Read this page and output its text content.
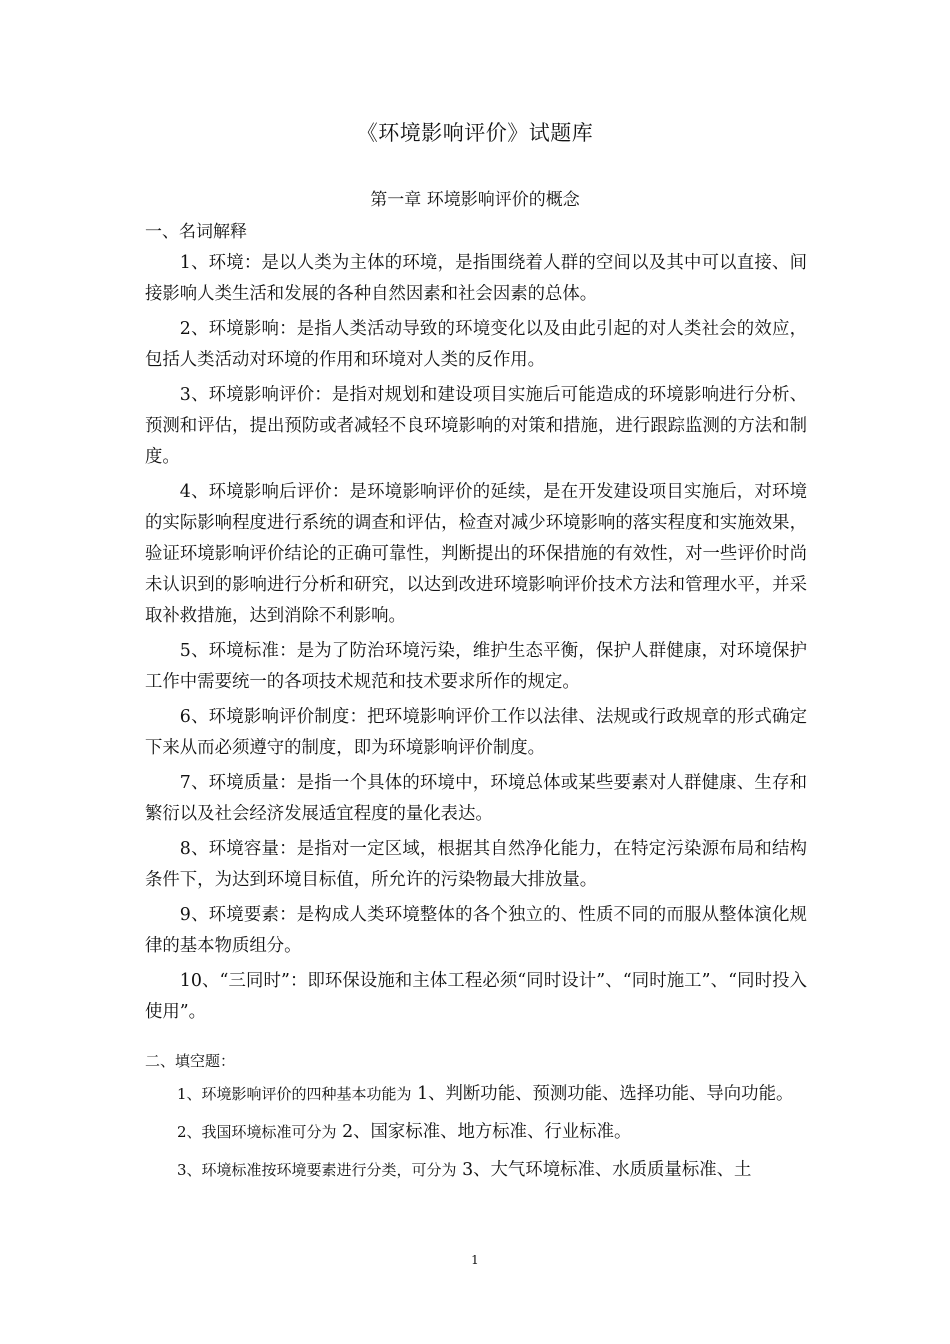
《环境影响评价》试题库
第一章 环境影响评价的概念
一、名词解释

1、环境：是以人类为主体的环境，是指围绕着人群的空间以及其中可以直接、间接影响人类生活和发展的各种自然因素和社会因素的总体。

2、环境影响：是指人类活动导致的环境变化以及由此引起的对人类社会的效应，包括人类活动对环境的作用和环境对人类的反作用。

3、环境影响评价：是指对规划和建设项目实施后可能造成的环境影响进行分析、预测和评估，提出预防或者减轻不良环境影响的对策和措施，进行跟踪监测的方法和制度。

4、环境影响后评价：是环境影响评价的延续，是在开发建设项目实施后，对环境的实际影响程度进行系统的调查和评估，检查对减少环境影响的落实程度和实施效果，验证环境影响评价结论的正确可靠性，判断提出的环保措施的有效性，对一些评价时尚未认识到的影响进行分析和研究，以达到改进环境影响评价技术方法和管理水平，并采取补救措施，达到消除不利影响。

5、环境标准：是为了防治环境污染，维护生态平衡，保护人群健康，对环境保护工作中需要统一的各项技术规范和技术要求所作的规定。

6、环境影响评价制度：把环境影响评价工作以法律、法规或行政规章的形式确定下来从而必须遵守的制度，即为环境影响评价制度。

7、环境质量：是指一个具体的环境中，环境总体或某些要素对人群健康、生存和繁衍以及社会经济发展适宜程度的量化表达。

8、环境容量：是指对一定区域，根据其自然净化能力，在特定污染源布局和结构条件下，为达到环境目标值，所允许的污染物最大排放量。

9、环境要素：是构成人类环境整体的各个独立的、性质不同的而服从整体演化规律的基本物质组分。

10、“三同时”：即环保设施和主体工程必须“同时设计”、“同时施工”、“同时投入使用”。

二、填空题：

1、环境影响评价的四种基本功能为 1、判断功能、预测功能、选择功能、导向功能。

2、我国环境标准可分为 2、国家标准、地方标准、行业标准。

3、环境标准按环境要素进行分类，可分为 3、大气环境标准、水质质量标准、土

1
